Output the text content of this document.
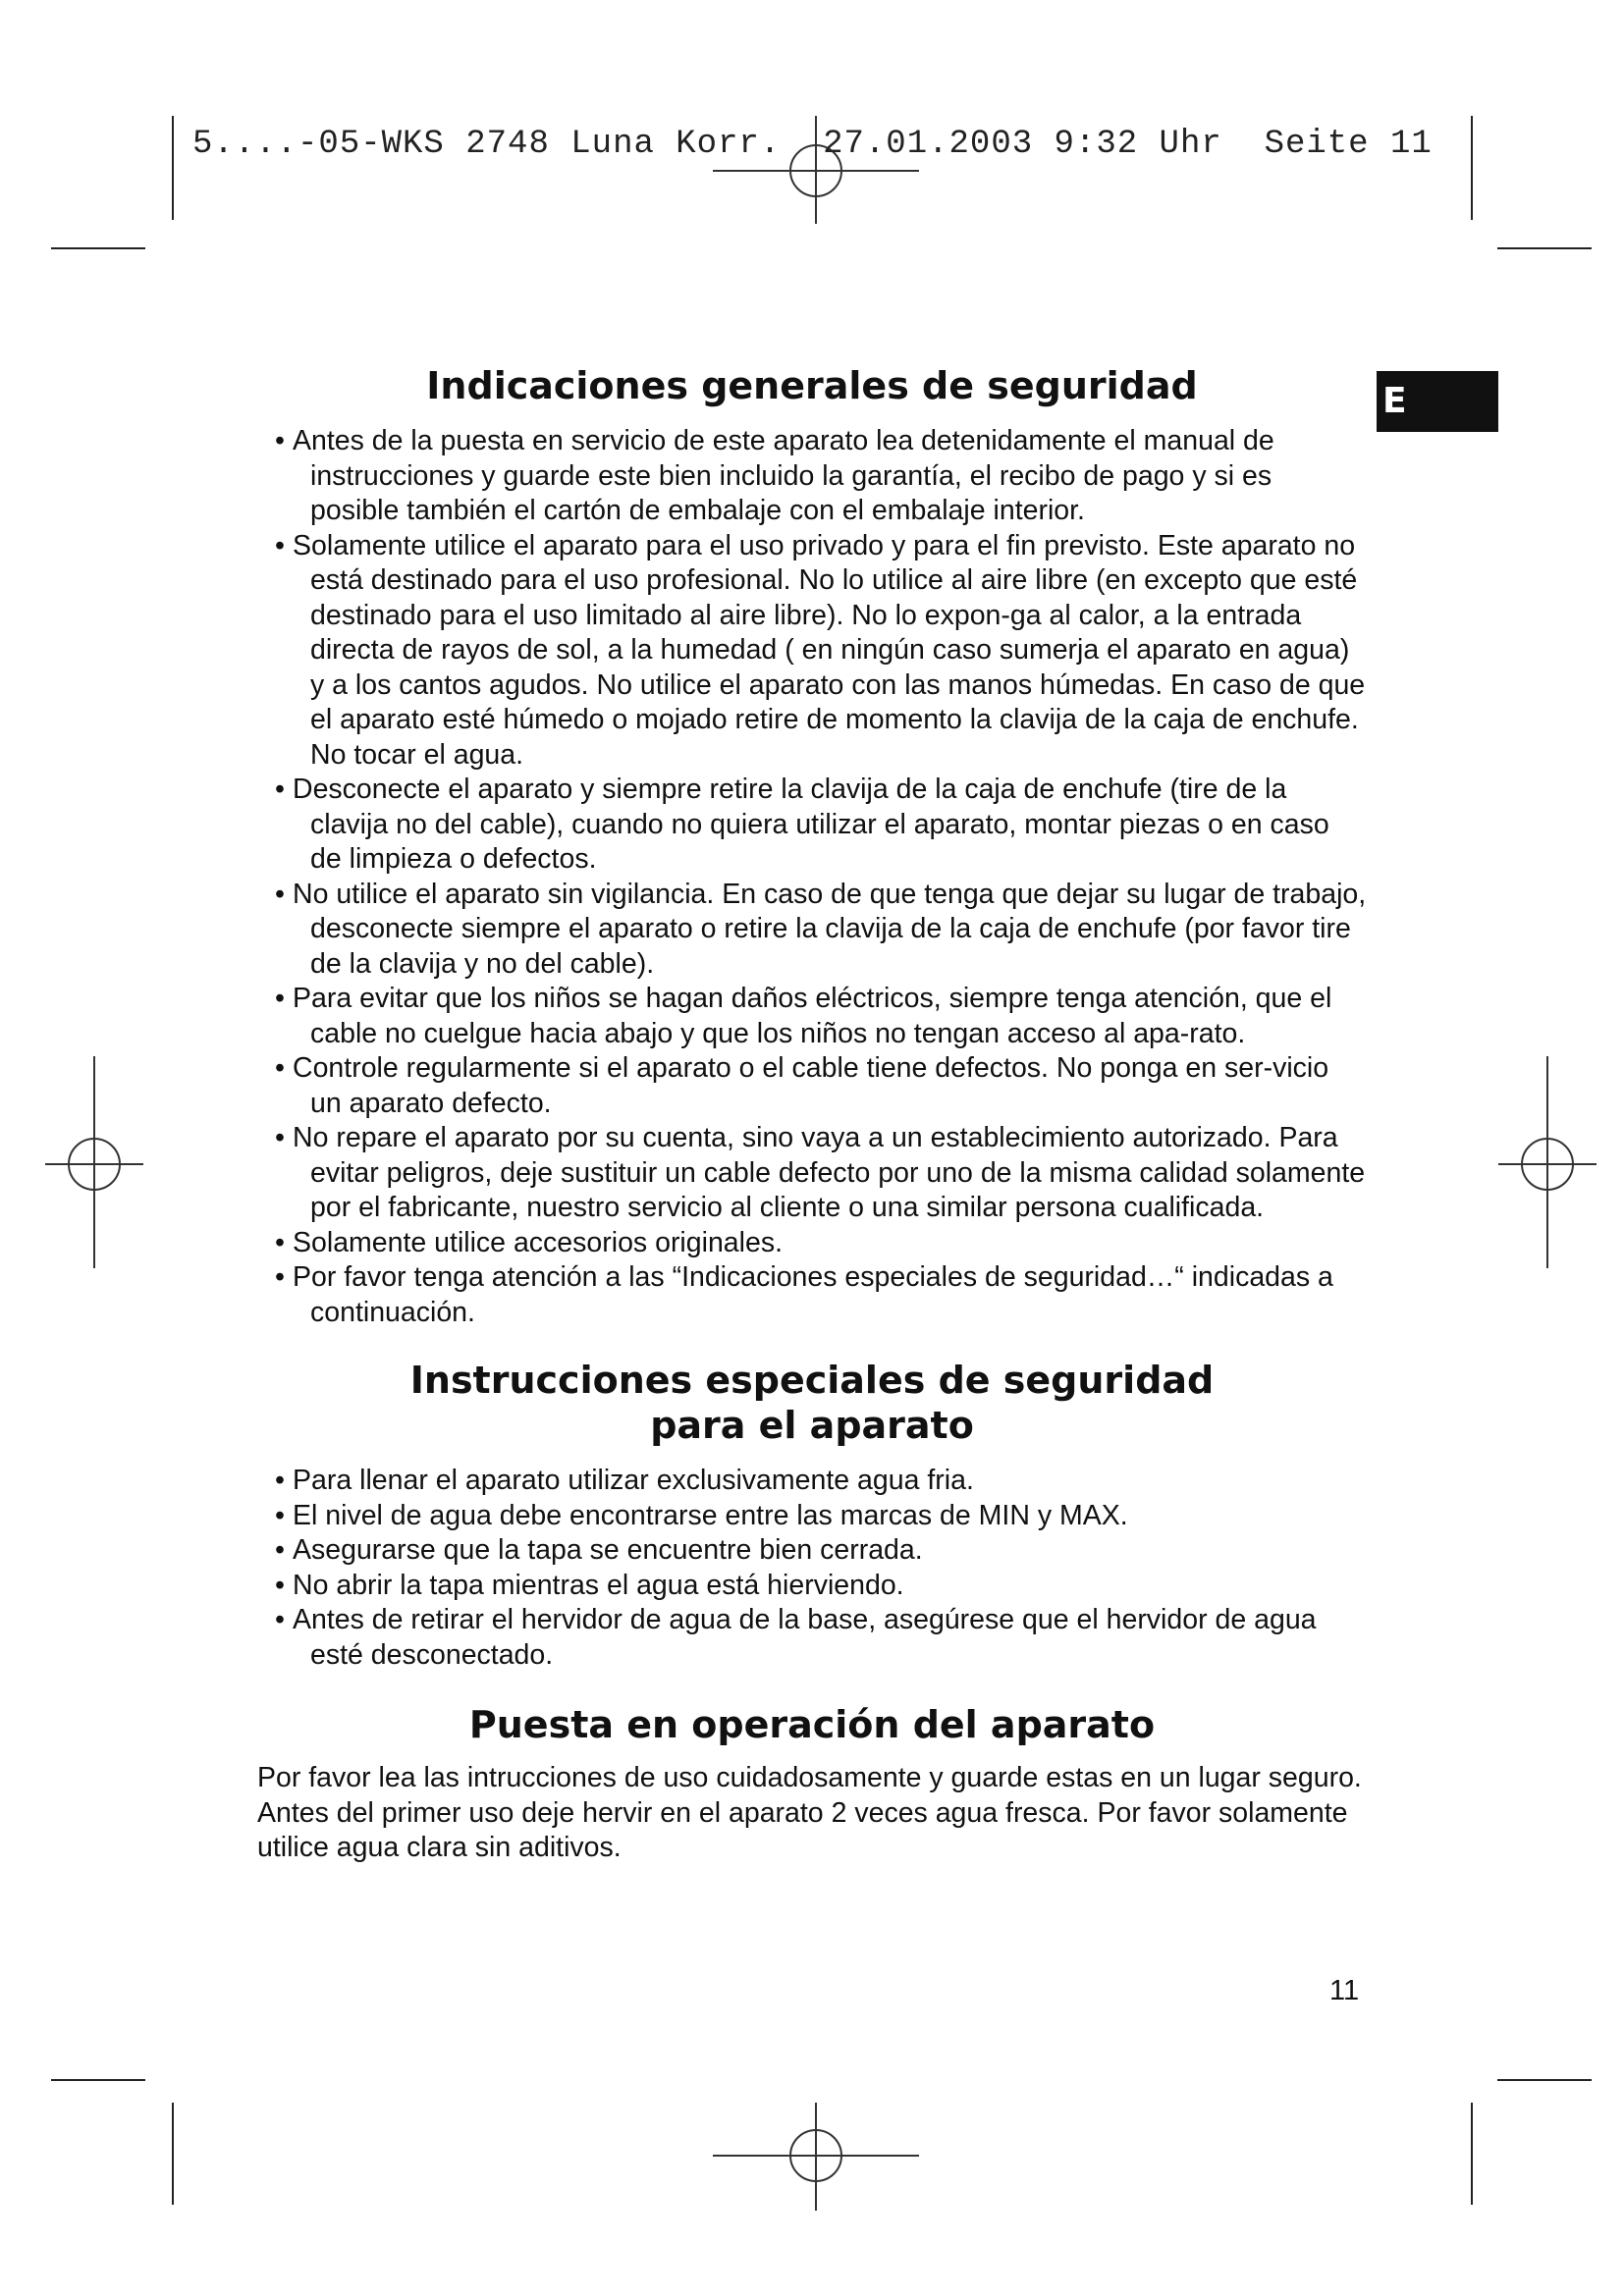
5....-05-WKS 2748 Luna Korr.  27.01.2003 9:32 Uhr  Seite 11
E
Indicaciones generales de seguridad
• Antes de la puesta en servicio de este aparato lea detenidamente el manual de instrucciones y guarde este bien incluido la garantía, el recibo de pago y si es posible también el cartón de embalaje con el embalaje interior.
• Solamente utilice el aparato para el uso privado y para el fin previsto. Este aparato no está destinado para el uso profesional. No lo utilice al aire libre (en excepto que esté destinado para el uso limitado al aire libre). No lo expon-ga al calor, a la entrada directa de rayos de sol, a la humedad ( en ningún caso sumerja el aparato en agua) y a los cantos agudos. No utilice el aparato con las manos húmedas. En caso de que el aparato esté húmedo o mojado retire de momento la clavija de la caja de enchufe. No tocar el agua.
• Desconecte el aparato y siempre retire la clavija de la caja de enchufe (tire de la clavija no del cable), cuando no quiera utilizar el aparato, montar piezas o en caso de limpieza o defectos.
• No utilice el aparato sin vigilancia. En caso de que tenga que dejar su lugar de trabajo, desconecte siempre el aparato o retire la clavija de la caja de enchufe (por favor tire de la clavija y no del cable).
• Para evitar que los niños se hagan daños eléctricos, siempre tenga atención, que el cable no cuelgue hacia abajo y que los niños no tengan acceso al apa-rato.
• Controle regularmente si el aparato o el cable tiene defectos. No ponga en ser-vicio un aparato defecto.
• No repare el aparato por su cuenta, sino vaya a un establecimiento autorizado. Para evitar peligros, deje sustituir un cable defecto por uno de la misma calidad solamente por el fabricante, nuestro servicio al cliente o una similar persona cualificada.
• Solamente utilice accesorios originales.
• Por favor tenga atención a las “Indicaciones especiales de seguridad…“ indicadas a continuación.
Instrucciones especiales de seguridad
para el aparato
• Para llenar el aparato utilizar exclusivamente agua fria.
• El nivel de agua debe encontrarse entre las marcas de MIN y MAX.
• Asegurarse que la tapa se encuentre bien cerrada.
• No abrir la tapa mientras el agua está hierviendo.
• Antes de retirar el hervidor de agua de la base, asegúrese que el hervidor de agua esté desconectado.
Puesta en operación del aparato

Por favor lea las intrucciones de uso cuidadosamente y guarde estas en un lugar seguro. Antes del primer uso deje hervir en el aparato 2 veces agua fresca. Por favor solamente utilice agua clara sin aditivos.

11
